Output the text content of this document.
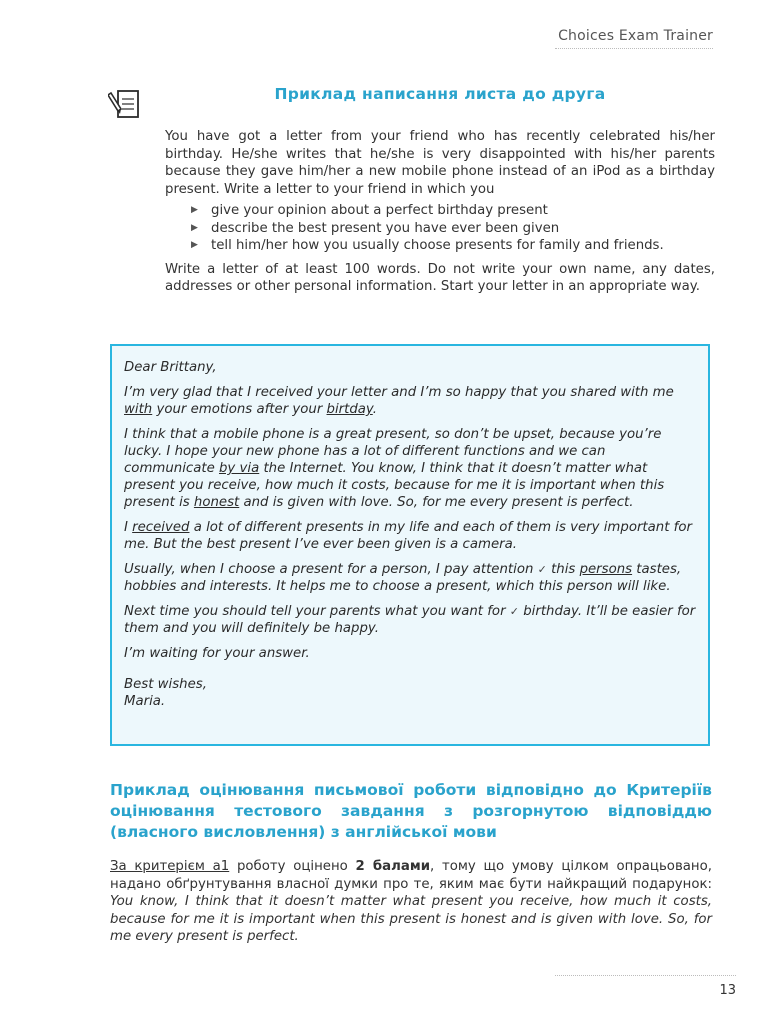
Choices Exam Trainer
Приклад написання листа до друга

You have got a letter from your friend who has recently celebrated his/her birthday. He/she writes that he/she is very disappointed with his/her parents because they gave him/her a new mobile phone instead of an iPod as a birthday present. Write a letter to your friend in which you

▶ give your opinion about a perfect birthday present
▶ describe the best present you have ever been given
▶ tell him/her how you usually choose presents for family and friends.

Write a letter of at least 100 words. Do not write your own name, any dates, addresses or other personal information. Start your letter in an appropriate way.

Dear Brittany,

I’m very glad that I received your letter and I’m so happy that you shared with me with your emotions after your birtday.

I think that a mobile phone is a great present, so don’t be upset, because you’re lucky. I hope your new phone has a lot of different functions and we can communicate by via the Internet. You know, I think that it doesn’t matter what present you receive, how much it costs, because for me it is important when this present is honest and is given with love. So, for me every present is perfect.

I received a lot of different presents in my life and each of them is very important for me. But the best present I’ve ever been given is a camera.

Usually, when I choose a present for a person, I pay attention ✓ this persons tastes, hobbies and interests. It helps me to choose a present, which this person will like.

Next time you should tell your parents what you want for ✓ birthday. It’ll be easier for them and you will definitely be happy.

I’m waiting for your answer.

Best wishes,
Maria.

Приклад оцінювання письмової роботи відповідно до Критеріїв оцінювання тестового завдання з розгорнутою відповіддю (власного висловлення) з англійської мови
За критерієм а1 роботу оцінено 2 балами, тому що умову цілком опрацьовано, надано обґрунтування власної думки про те, яким має бути найкращий подарунок: You know, I think that it doesn’t matter what present you receive, how much it costs, because for me it is important when this present is honest and is given with love. So, for me every present is perfect.
13
